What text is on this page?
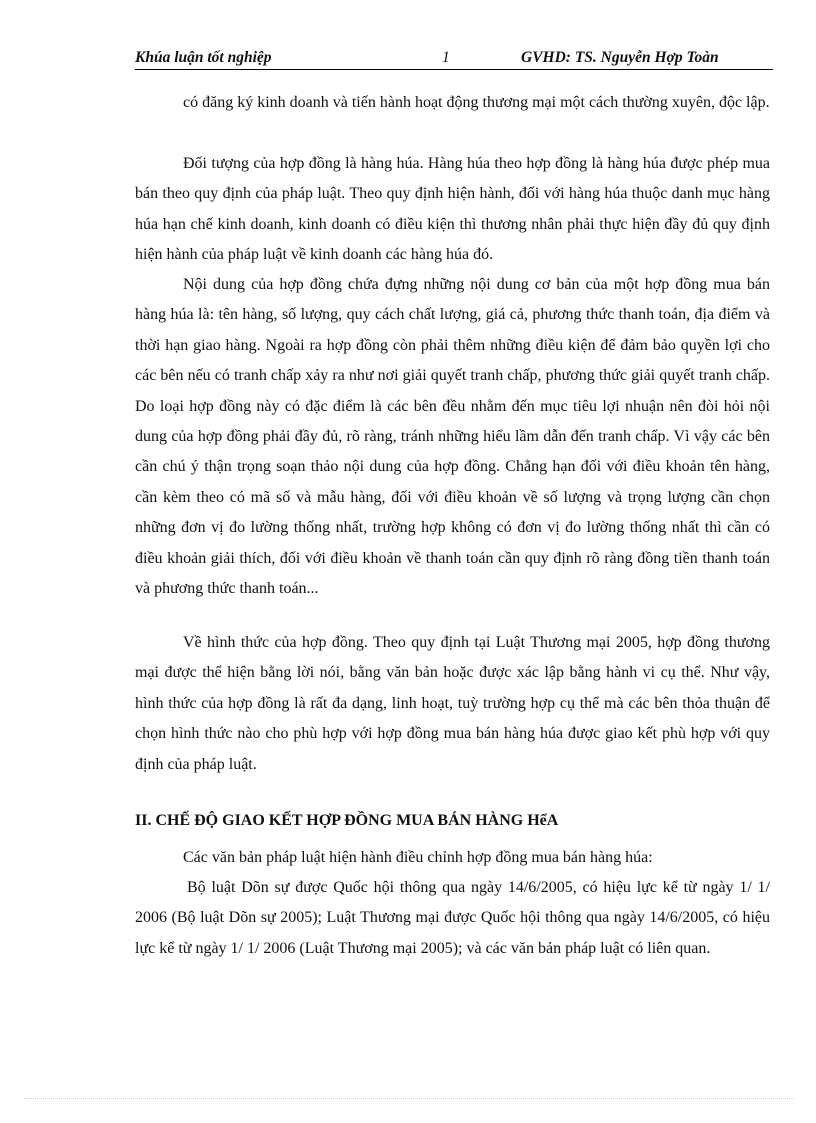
Khúa luận tốt nghiệp	1	GVHD: TS. Nguyễn Hợp Toàn

có đăng ký kinh doanh và tiến hành hoạt động thương mại một cách thường xuyên, độc lập.

Đối tượng của hợp đồng là hàng húa. Hàng húa theo hợp đồng là hàng húa được phép mua bán theo quy định của pháp luật. Theo quy định hiện hành, đối với hàng húa thuộc danh mục hàng húa hạn chế kinh doanh, kinh doanh có điều kiện thì thương nhân phải thực hiện đầy đủ quy định hiện hành của pháp luật về kinh doanh các hàng húa đó.

Nội dung của hợp đồng chứa đựng những nội dung cơ bản của một hợp đồng mua bán hàng húa là: tên hàng, số lượng, quy cách chất lượng, giá cả, phương thức thanh toán, địa điểm và thời hạn giao hàng. Ngoài ra hợp đồng còn phải thêm những điều kiện để đảm bảo quyền lợi cho các bên nếu có tranh chấp xảy ra như nơi giải quyết tranh chấp, phương thức giải quyết tranh chấp. Do loại hợp đồng này có đặc điểm là các bên đều nhằm đến mục tiêu lợi nhuận nên đòi hỏi nội dung của hợp đồng phải đầy đủ, rõ ràng, tránh những hiểu lầm dẫn đến tranh chấp. Vì vậy các bên cần chú ý thận trọng soạn thảo nội dung của hợp đồng. Chẳng hạn đối với điều khoản tên hàng, cần kèm theo có mã số và mẫu hàng, đối với điều khoản về số lượng và trọng lượng cần chọn những đơn vị đo lường thống nhất, trường hợp không có đơn vị đo lường thống nhất thì cần có điều khoản giải thích, đối với điều khoản về thanh toán cần quy định rõ ràng đồng tiền thanh toán và phương thức thanh toán...

Về hình thức của hợp đồng. Theo quy định tại Luật Thương mại 2005, hợp đồng thương mại được thể hiện bằng lời nói, bằng văn bản hoặc được xác lập bằng hành vi cụ thể. Như vậy, hình thức của hợp đồng là rất đa dạng, linh hoạt, tuỳ trường hợp cụ thể mà các bên thỏa thuận để chọn hình thức nào cho phù hợp với hợp đồng mua bán hàng húa được giao kết phù hợp với quy định của pháp luật.

II. CHẾ ĐỘ GIAO KẾT HỢP ĐỒNG MUA BÁN HÀNG HểA

Các văn bản pháp luật hiện hành điều chỉnh hợp đồng mua bán hàng húa:

Bộ luật Dõn sự được Quốc hội thông qua ngày 14/6/2005, có hiệu lực kể từ ngày 1/ 1/ 2006 (Bộ luật Dõn sự 2005); Luật Thương mại được Quốc hội thông qua ngày 14/6/2005, có hiệu lực kể từ ngày 1/ 1/ 2006 (Luật Thương mại 2005); và các văn bản pháp luật có liên quan.
